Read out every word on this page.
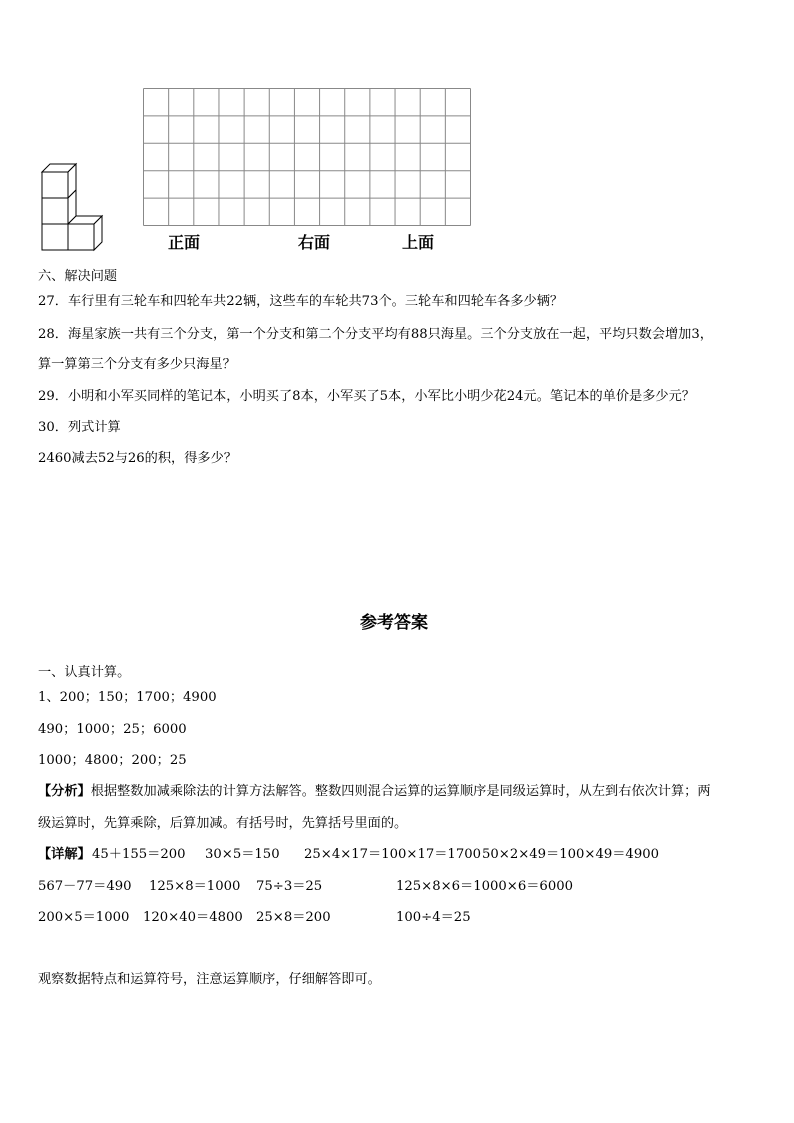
正面	右面	上面
六、解决问题
27．车行里有三轮车和四轮车共22辆，这些车的车轮共73个。三轮车和四轮车各多少辆？
28．海星家族一共有三个分支，第一个分支和第二个分支平均有88只海星。三个分支放在一起，平均只数会增加3，
算一算第三个分支有多少只海星？
29．小明和小军买同样的笔记本，小明买了8本，小军买了5本，小军比小明少花24元。笔记本的单价是多少元？
30．列式计算
2460减去52与26的积，得多少？
参考答案
一、认真计算。
1、200；150；1700；4900
490；1000；25；6000
1000；4800；200；25
【分析】根据整数加减乘除法的计算方法解答。整数四则混合运算的运算顺序是同级运算时，从左到右依次计算；两
级运算时，先算乘除，后算加减。有括号时，先算括号里面的。
【详解】 45＋155＝200 30×5＝150 25×4×17＝100×17＝1700 50×2×49＝100×49＝4900
567－77＝490 125×8＝1000 75÷3＝25	125×8×6＝1000×6＝6000
200×5＝1000 120×40＝4800 25×8＝200	100÷4＝25
观察数据特点和运算符号，注意运算顺序，仔细解答即可。
